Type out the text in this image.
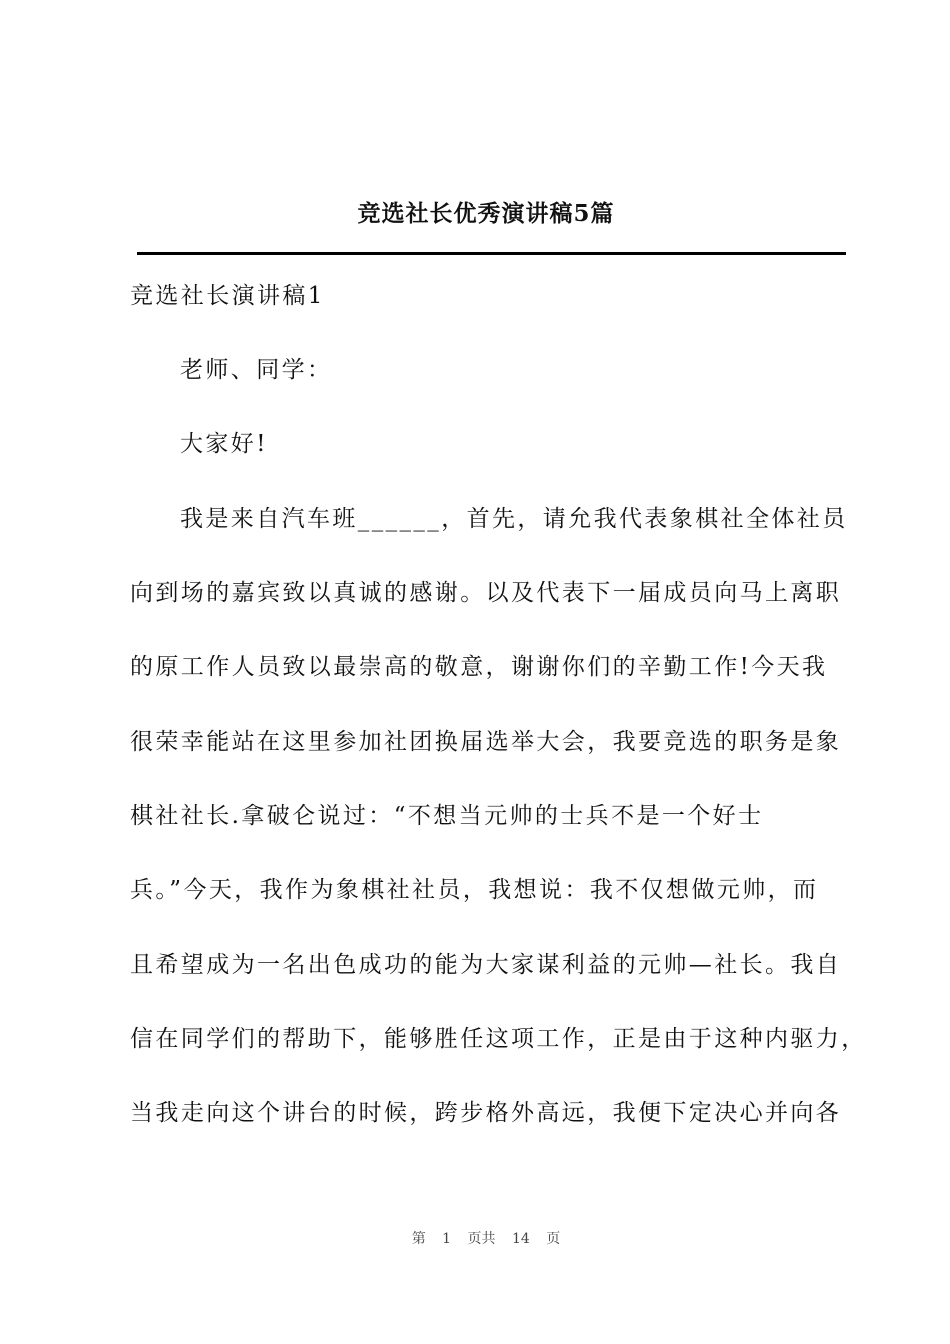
竞选社长优秀演讲稿5篇
竞选社长演讲稿1
老师、同学：
大家好!
我是来自汽车班______，首先，请允我代表象棋社全体社员
向到场的嘉宾致以真诚的感谢。以及代表下一届成员向马上离职
的原工作人员致以最崇高的敬意，谢谢你们的辛勤工作!今天我
很荣幸能站在这里参加社团换届选举大会，我要竞选的职务是象
棋社社长.拿破仑说过：“不想当元帅的士兵不是一个好士
兵。”今天，我作为象棋社社员，我想说：我不仅想做元帅，而
且希望成为一名出色成功的能为大家谋利益的元帅—社长。我自
信在同学们的帮助下，能够胜任这项工作，正是由于这种内驱力，
当我走向这个讲台的时候，跨步格外高远，我便下定决心并向各
第 1 页共 14 页
